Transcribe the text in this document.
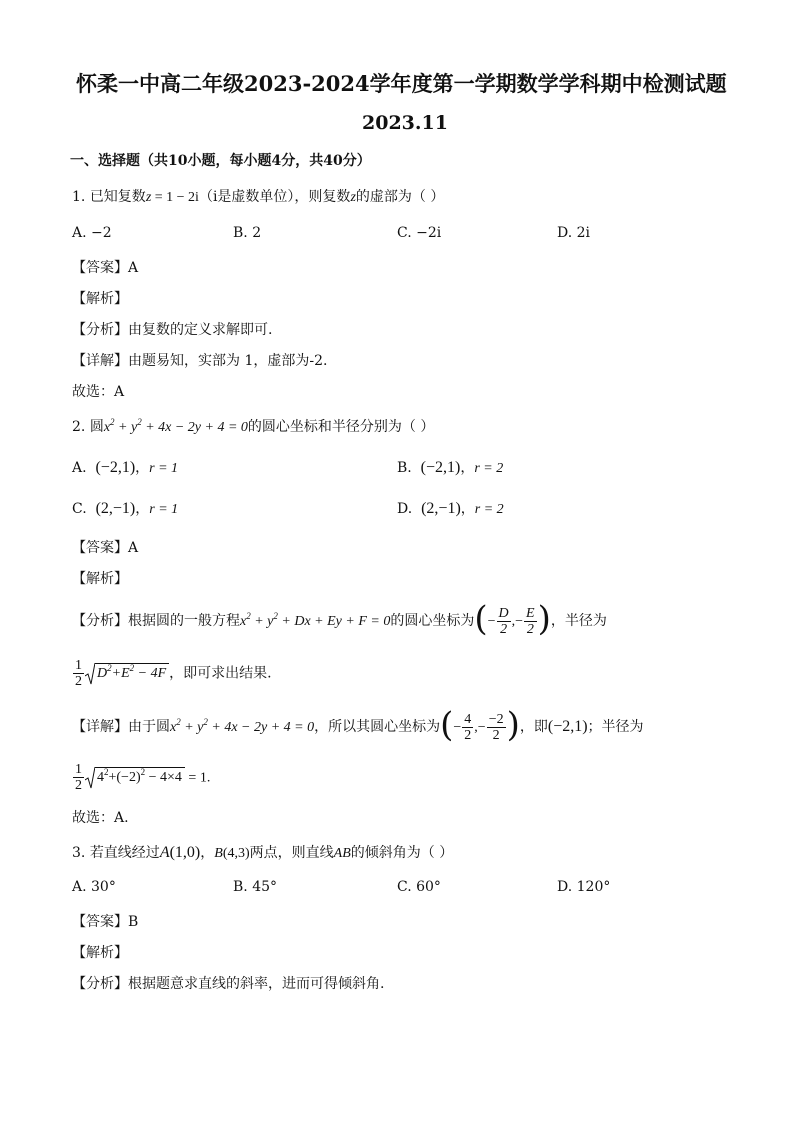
怀柔一中高二年级2023-2024学年度第一学期数学学科期中检测试题
2023.11
一、选择题（共10小题，每小题4分，共40分）
1. 已知复数z = 1 − 2i（i是虚数单位），则复数z的虚部为（ ）
A. −2	B. 2	C. −2i	D. 2i
【答案】A
【解析】
【分析】由复数的定义求解即可.
【详解】由题易知，实部为 1，虚部为-2.
故选：A
2. 圆$x^2 + y^2 + 4x - 2y + 4 = 0$的圆心坐标和半径分别为（ ）
A. (−2,1)，r = 1	B. (−2,1)，r = 2
C. (2,−1)，r = 1	D. (2,−1)，r = 2
【答案】A
【解析】
【分析】根据圆的一般方程$x^2 + y^2 + Dx + Ey + F = 0$的圆心坐标为(− $\frac{D}{2}$ ,− $\frac{E}{2}$ )，半径为
$\frac{1}{2} D^2+E^2 - 4F$ ，即可求出结果.
【详解】由于圆$x^2 + y^2 + 4x - 2y + 4 = 0$，所以其圆心坐标为(− $\frac{4}{2}$ ,− $\frac{-2}{2}$ )，即(−2,1)；半径为
$\frac{1}{2} 4^2+(-2)^2 - 4\times 4 = 1$.
故选：A.
3. 若直线经过A(1,0)，B(4,3)两点，则直线AB的倾斜角为（ ）
A. 30°	B. 45°	C. 60°	D. 120°
【答案】B
【解析】
【分析】根据题意求直线的斜率，进而可得倾斜角.
